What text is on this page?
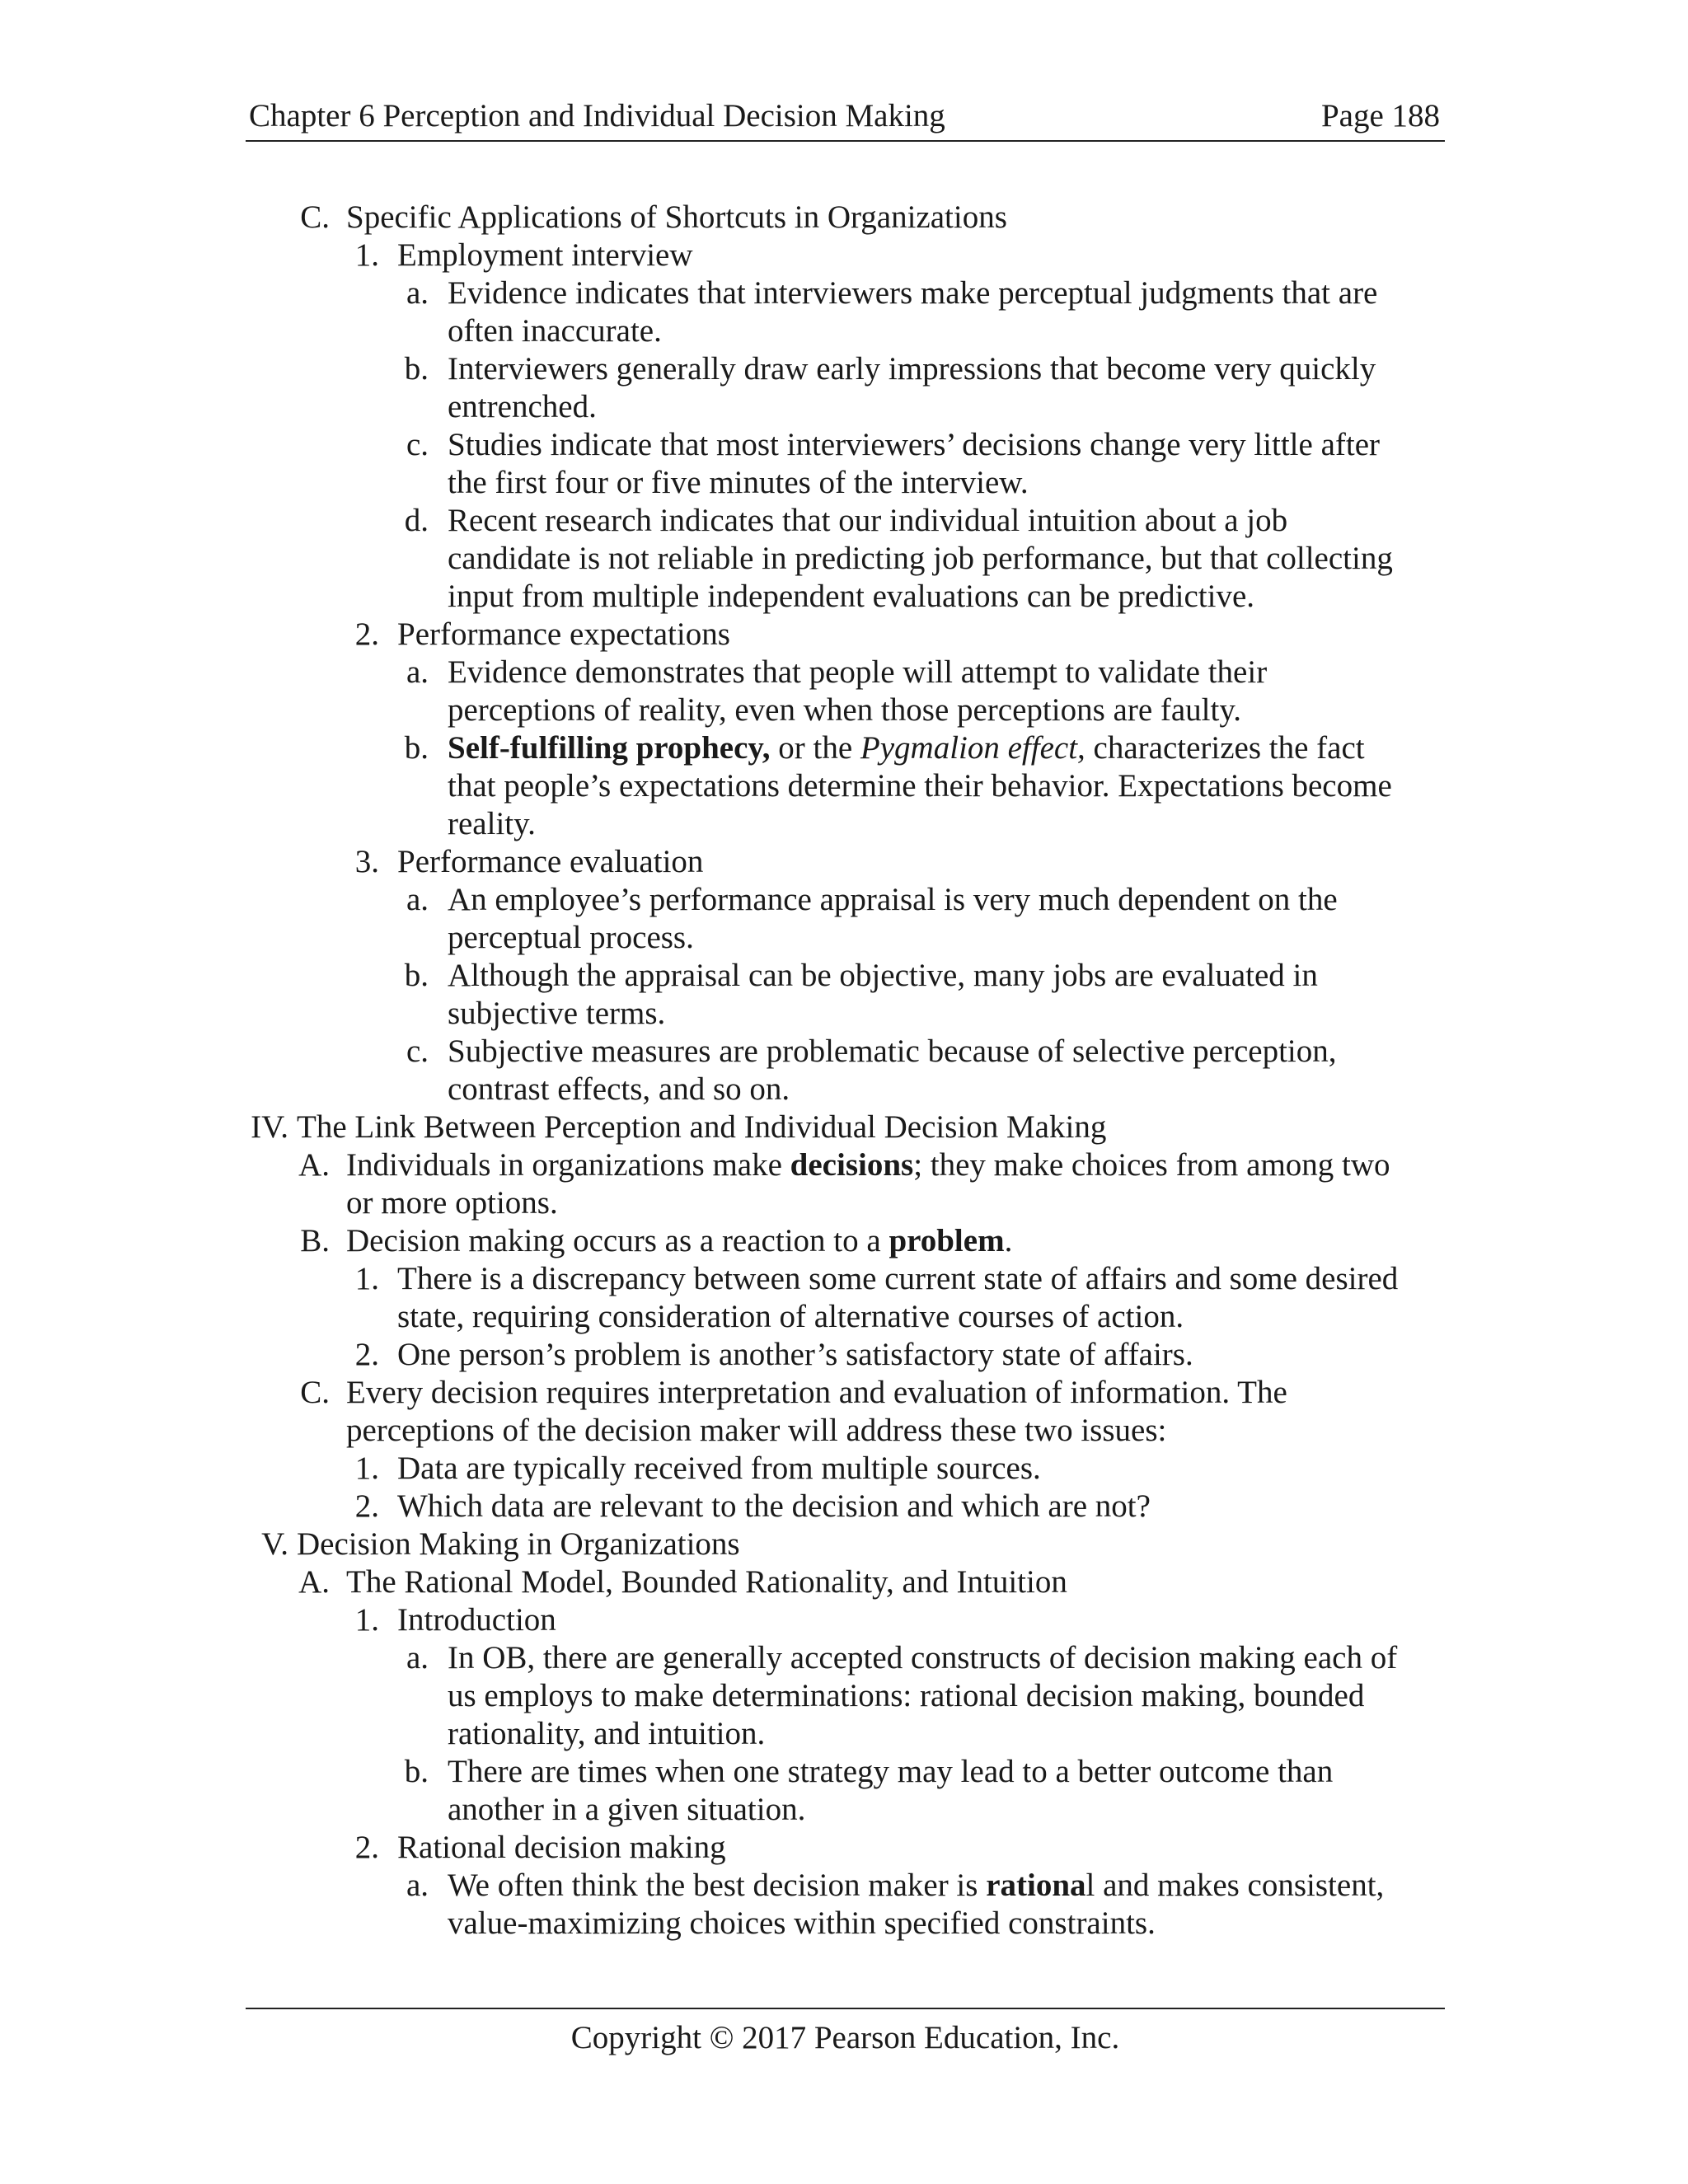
Chapter 6 Perception and Individual Decision Making	Page 188
C. Specific Applications of Shortcuts in Organizations
1. Employment interview
a. Evidence indicates that interviewers make perceptual judgments that are
often inaccurate.
b. Interviewers generally draw early impressions that become very quickly
entrenched.
c. Studies indicate that most interviewers’ decisions change very little after
the first four or five minutes of the interview.
d. Recent research indicates that our individual intuition about a job
candidate is not reliable in predicting job performance, but that collecting
input from multiple independent evaluations can be predictive.
2. Performance expectations
a. Evidence demonstrates that people will attempt to validate their
perceptions of reality, even when those perceptions are faulty.
b. Self-fulfilling prophecy, or the Pygmalion effect, characterizes the fact
that people’s expectations determine their behavior. Expectations become
reality.
3. Performance evaluation
a. An employee’s performance appraisal is very much dependent on the
perceptual process.
b. Although the appraisal can be objective, many jobs are evaluated in
subjective terms.
c. Subjective measures are problematic because of selective perception,
contrast effects, and so on.
IV. The Link Between Perception and Individual Decision Making
A. Individuals in organizations make decisions; they make choices from among two
or more options.
B. Decision making occurs as a reaction to a problem.
1. There is a discrepancy between some current state of affairs and some desired
state, requiring consideration of alternative courses of action.
2. One person’s problem is another’s satisfactory state of affairs.
C. Every decision requires interpretation and evaluation of information. The
perceptions of the decision maker will address these two issues:
1. Data are typically received from multiple sources.
2. Which data are relevant to the decision and which are not?
V. Decision Making in Organizations
A. The Rational Model, Bounded Rationality, and Intuition
1. Introduction
a. In OB, there are generally accepted constructs of decision making each of
us employs to make determinations: rational decision making, bounded
rationality, and intuition.
b. There are times when one strategy may lead to a better outcome than
another in a given situation.
2. Rational decision making
a. We often think the best decision maker is rational and makes consistent,
value-maximizing choices within specified constraints.
Copyright © 2017 Pearson Education, Inc.
